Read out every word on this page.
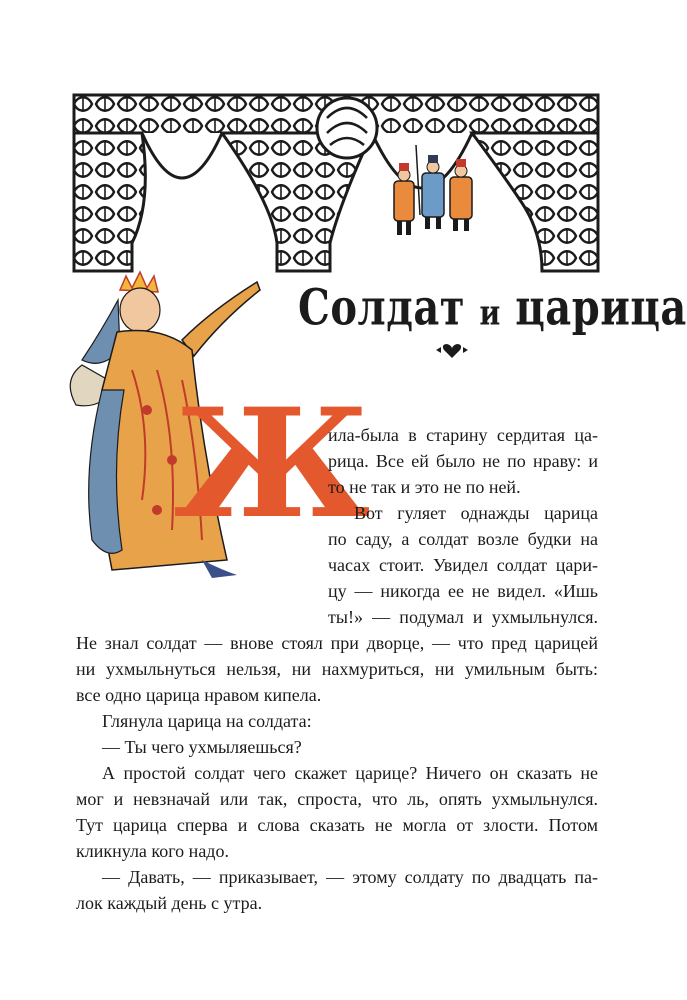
Солдат и царица
Ж
ила-была в старину сердитая ца-
рица. Все ей было не по нраву: и
то не так и это не по ней.
Вот гуляет однажды царица
по саду, а солдат возле будки на
часах стоит. Увидел солдат цари-
цу — никогда ее не видел. «Ишь
ты!» — подумал и ухмыльнулся.
Не знал солдат — внове стоял при дворце, — что пред царицей
ни ухмыльнуться нельзя, ни нахмуриться, ни умильным быть:
все одно царица нравом кипела.
Глянула царица на солдата:
— Ты чего ухмыляешься?
А простой солдат чего скажет царице? Ничего он сказать не
мог и невзначай или так, спроста, что ль, опять ухмыльнулся.
Тут царица сперва и слова сказать не могла от злости. Потом
кликнула кого надо.
— Давать, — приказывает, — этому солдату по двадцать па-
лок каждый день с утра.
